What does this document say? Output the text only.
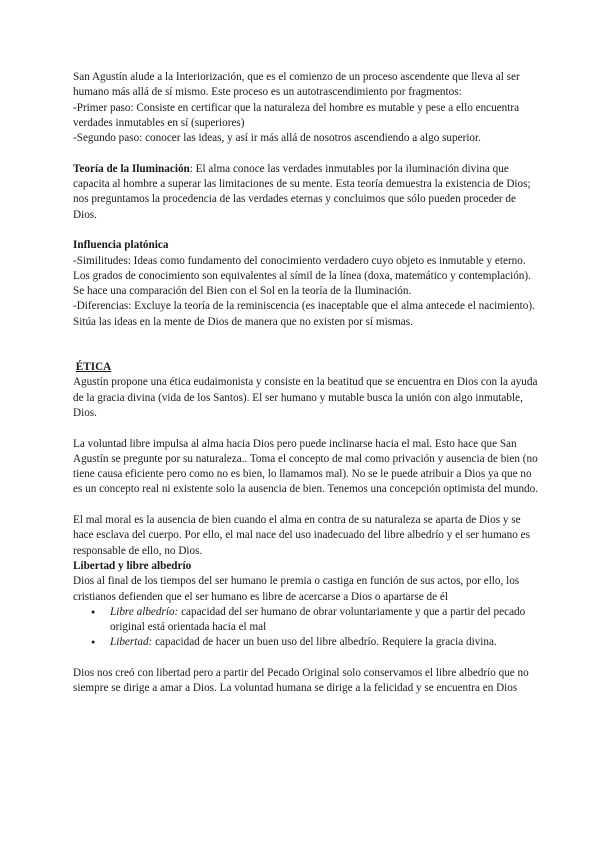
San Agustín alude a la Interiorización, que es el comienzo de un proceso ascendente que lleva al ser humano más allá de sí mismo. Este proceso es un autotrascendimiento por fragmentos:

-Primer paso: Consiste en certificar que la naturaleza del hombre es mutable y pese a ello encuentra verdades inmutables en sí (superiores)

-Segundo paso: conocer las ideas, y así ir más allá de nosotros ascendiendo a algo superior.

Teoría de la Iluminación: El alma conoce las verdades inmutables por la iluminación divina que capacita al hombre a superar las limitaciones de su mente. Esta teoría demuestra la existencia de Dios; nos preguntamos la procedencia de las verdades eternas y concluimos que sólo pueden proceder de Dios.

Influencia platónica

-Similitudes: Ideas como fundamento del conocimiento verdadero cuyo objeto es inmutable y eterno. Los grados de conocimiento son equivalentes al símil de la línea (doxa, matemático y contemplación). Se hace una comparación del Bien con el Sol en la teoría de la Iluminación.

-Diferencias: Excluye la teoría de la reminiscencia (es inaceptable que el alma antecede el nacimiento). Sitúa las ideas en la mente de Dios de manera que no existen por sí mismas.

ÉTICA

Agustín propone una ética eudaimonista y consiste en la beatitud que se encuentra en Dios con la ayuda de la gracia divina (vida de los Santos). El ser humano y mutable busca la unión con algo inmutable, Dios.

La voluntad libre impulsa al alma hacia Dios pero puede inclinarse hacia el mal. Esto hace que San Agustín se pregunte por su naturaleza.. Toma el concepto de mal como privación y ausencia de bien (no tiene causa eficiente pero como no es bien, lo llamamos mal). No se le puede atribuir a Dios ya que no es un concepto real ni existente solo la ausencia de bien. Tenemos una concepción optimista del mundo.

El mal moral es la ausencia de bien cuando el alma en contra de su naturaleza se aparta de Dios y se hace esclava del cuerpo. Por ello, el mal nace del uso inadecuado del libre albedrío y el ser humano es responsable de ello, no Dios.

Libertad y libre albedrío

Dios al final de los tiempos del ser humano le premia o castiga en función de sus actos, por ello, los cristianos defienden que el ser humano es libre de acercarse a Dios o apartarse de él

● Libre albedrío: capacidad del ser humano de obrar voluntariamente y que a partir del pecado original está orientada hacia el mal
● Libertad: capacidad de hacer un buen uso del libre albedrío. Requiere la gracia divina.

Dios nos creó con libertad pero a partir del Pecado Original solo conservamos el libre albedrío que no siempre se dirige a amar a Dios. La voluntad humana se dirige a la felicidad y se encuentra en Dios
